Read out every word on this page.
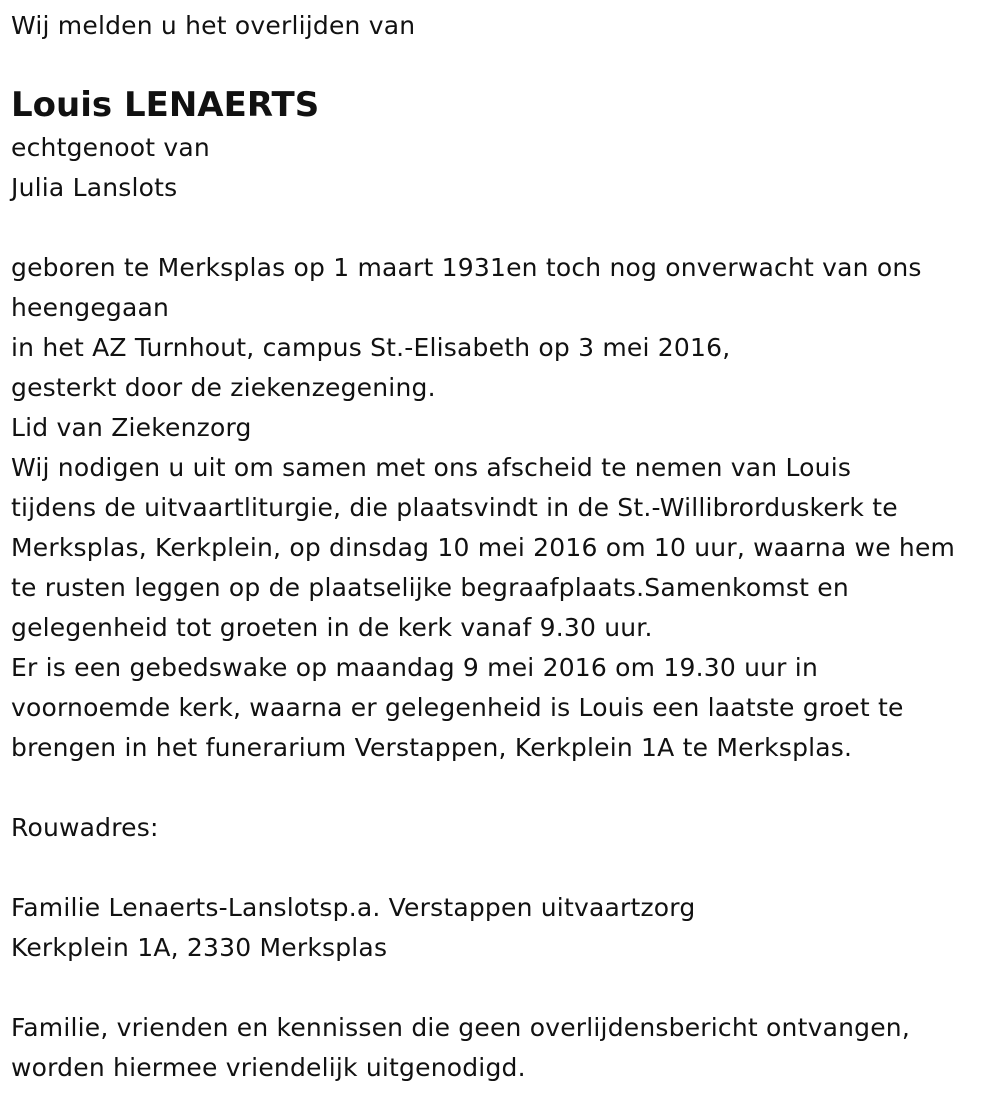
Wij melden u het overlijden van
Louis LENAERTS
echtgenoot van
Julia Lanslots
geboren te Merksplas op 1 maart 1931en toch nog onverwacht van ons
heengegaan
in het AZ Turnhout, campus St.-Elisabeth op 3 mei 2016,
gesterkt door de ziekenzegening.
Lid van Ziekenzorg
Wij nodigen u uit om samen met ons afscheid te nemen van Louis
tijdens de uitvaartliturgie, die plaatsvindt in de St.-Willibrorduskerk te
Merksplas, Kerkplein, op dinsdag 10 mei 2016 om 10 uur, waarna we hem
te rusten leggen op de plaatselijke begraafplaats.Samenkomst en
gelegenheid tot groeten in de kerk vanaf 9.30 uur.
Er is een gebedswake op maandag 9 mei 2016 om 19.30 uur in
voornoemde kerk, waarna er gelegenheid is Louis een laatste groet te
brengen in het funerarium Verstappen, Kerkplein 1A te Merksplas.
Rouwadres:
Familie Lenaerts-Lanslotsp.a. Verstappen uitvaartzorg
Kerkplein 1A, 2330 Merksplas
Familie, vrienden en kennissen die geen overlijdensbericht ontvangen,
worden hiermee vriendelijk uitgenodigd.
